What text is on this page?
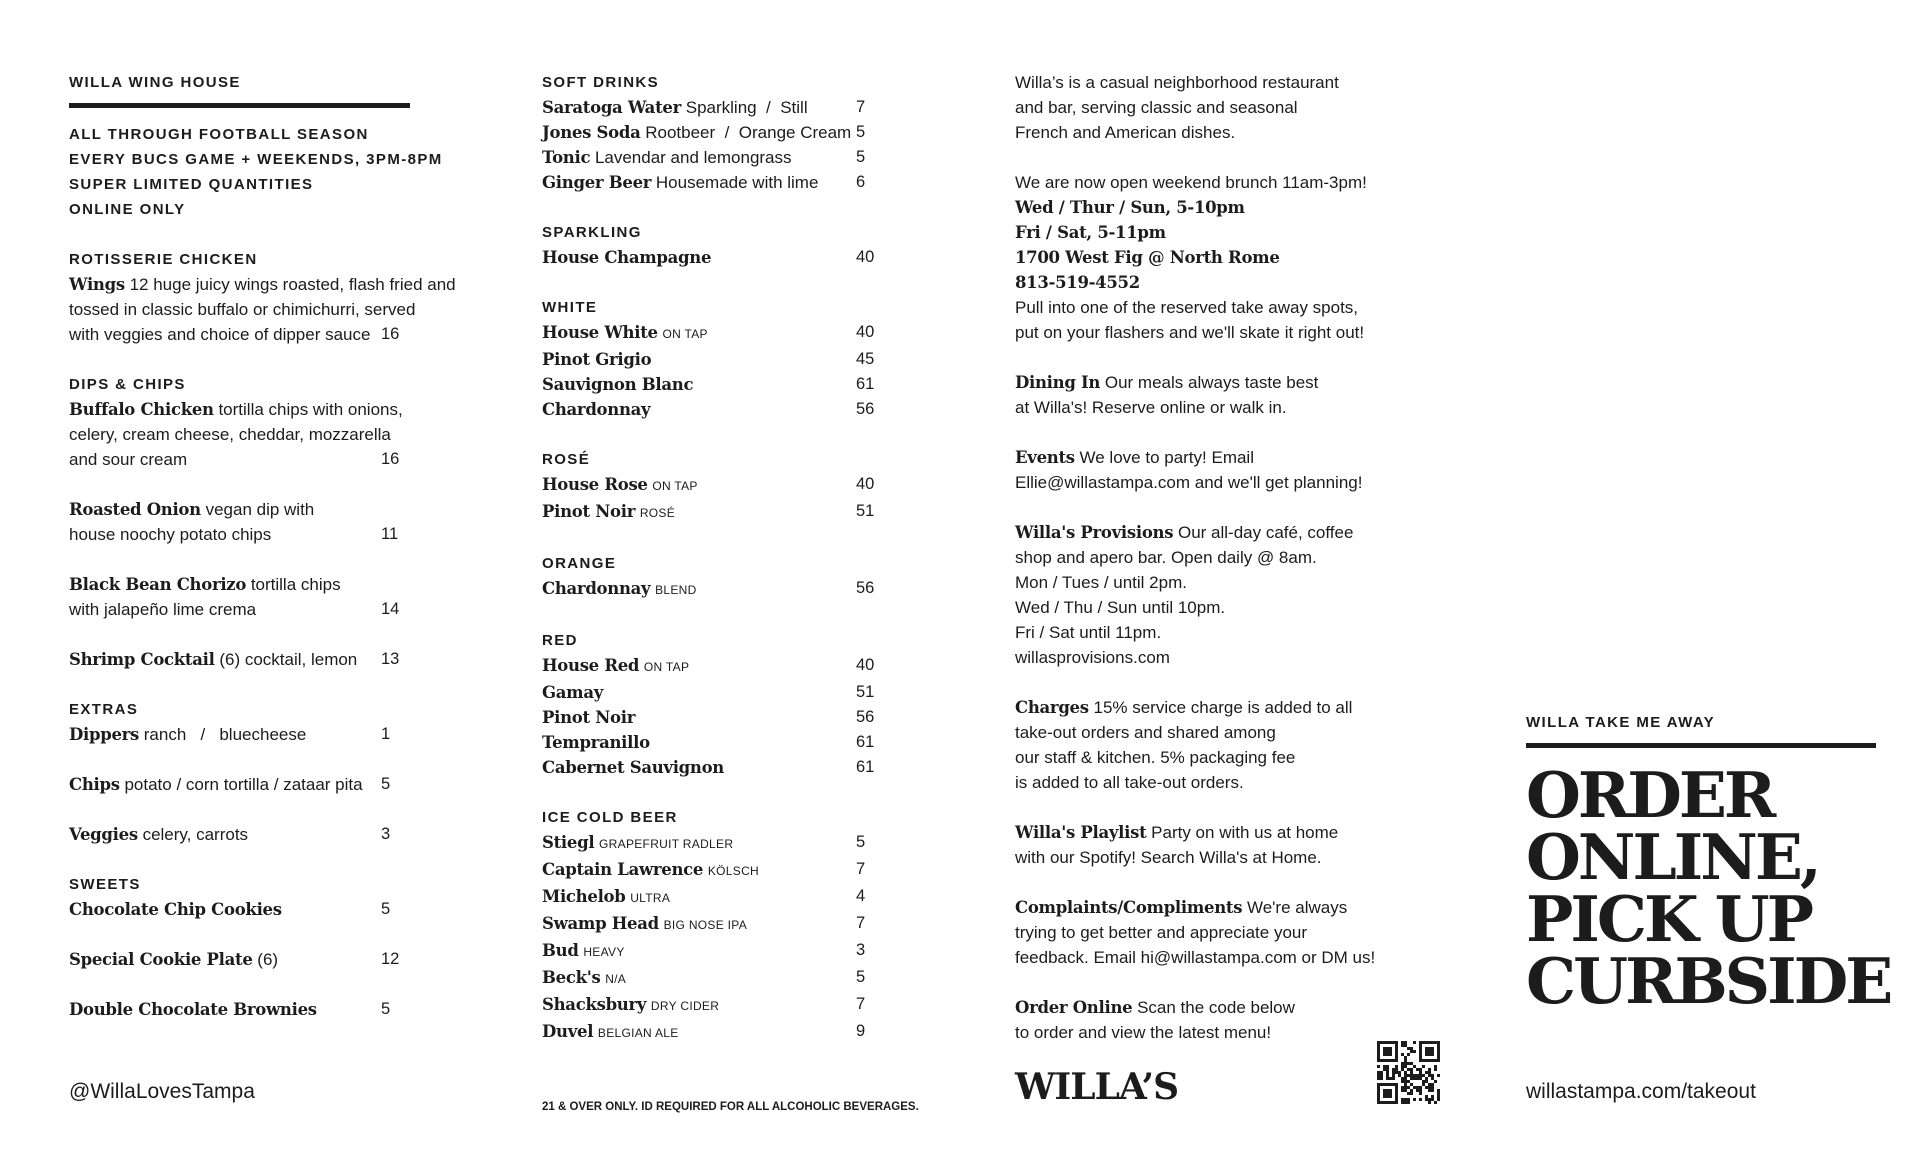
WILLA WING HOUSE
ALL THROUGH FOOTBALL SEASON
EVERY BUCS GAME + WEEKENDS, 3PM-8PM
SUPER LIMITED QUANTITIES
ONLINE ONLY
ROTISSERIE CHICKEN
Wings 12 huge juicy wings roasted, flash fried and
tossed in classic buffalo or chimichurri, served
with veggies and choice of dipper sauce 16
DIPS & CHIPS
Buffalo Chicken tortilla chips with onions,
celery, cream cheese, cheddar, mozzarella
and sour cream	16
Roasted Onion vegan dip with
house noochy potato chips	11
Black Bean Chorizo tortilla chips
with jalapeño lime crema	14
Shrimp Cocktail (6) cocktail, lemon 13
EXTRAS
Dippers ranch   /   bluecheese	1
Chips potato / corn tortilla / zataar pita 5
Veggies celery, carrots	3
SWEETS
Chocolate Chip Cookies	5
Special Cookie Plate (6)	12
Double Chocolate Brownies	5
@WillaLovesTampa
SOFT DRINKS
Saratoga Water Sparkling  /  Still	7
Jones Soda Rootbeer  /  Orange Cream 5
Tonic Lavendar and lemongrass	5
Ginger Beer Housemade with lime 6
SPARKLING
House Champagne	40
WHITE
House White ON TAP	40
Pinot Grigio	45
Sauvignon Blanc	61
Chardonnay	56
ROSÉ
House Rose ON TAP	40
Pinot Noir ROSÉ	51
ORANGE
Chardonnay BLEND	56
RED
House Red ON TAP	40
Gamay	51
Pinot Noir	56
Tempranillo	61
Cabernet Sauvignon	61
ICE COLD BEER
Stiegl GRAPEFRUIT RADLER	5
Captain Lawrence KÖLSCH	7
Michelob ULTRA	4
Swamp Head BIG NOSE IPA	7
Bud HEAVY	3
Beck's N/A	5
Shacksbury DRY CIDER	7
Duvel BELGIAN ALE	9
21 & OVER ONLY. ID REQUIRED FOR ALL ALCOHOLIC BEVERAGES.
Willa’s is a casual neighborhood restaurant
and bar, serving classic and seasonal
French and American dishes.
We are now open weekend brunch 11am-3pm!
Wed / Thur / Sun, 5-10pm
Fri / Sat, 5-11pm
1700 West Fig @ North Rome
813-519-4552
Pull into one of the reserved take away spots,
put on your flashers and we'll skate it right out!
Dining In Our meals always taste best
at Willa's! Reserve online or walk in.
Events We love to party! Email
Ellie@willastampa.com and we'll get planning!
Willa's Provisions Our all-day café, coffee
shop and apero bar. Open daily @ 8am.
Mon / Tues / until 2pm.
Wed / Thu / Sun until 10pm.
Fri / Sat until 11pm.
willasprovisions.com
Charges 15% service charge is added to all
take-out orders and shared among
our staff & kitchen. 5% packaging fee
is added to all take-out orders.
Willa's Playlist Party on with us at home
with our Spotify! Search Willa's at Home.
Complaints/Compliments We're always
trying to get better and appreciate your
feedback. Email hi@willastampa.com or DM us!
Order Online Scan the code below
to order and view the latest menu!
WILLA’S
WILLA TAKE ME AWAY
ORDER
ONLINE,
PICK UP
CURBSIDE
willastampa.com/takeout
